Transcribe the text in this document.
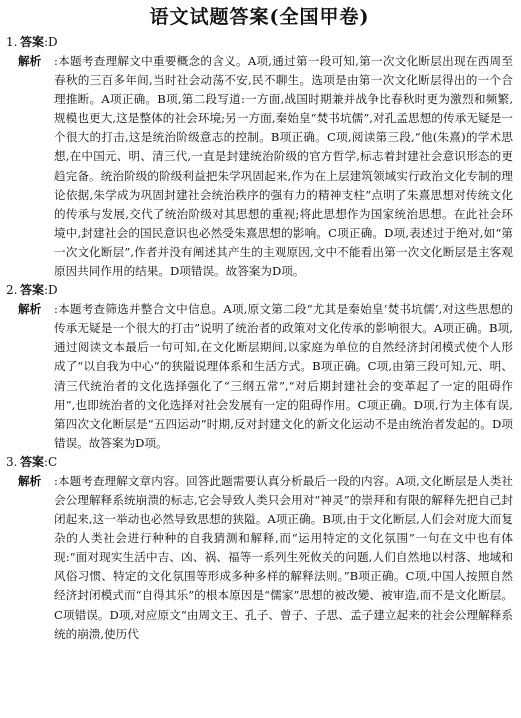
语文试题答案(全国甲卷)
1. 答案:D
解析	:本题考查理解文中重要概念的含义。A项,通过第一段可知,第一次文化断层出现在西周至春秋的三百多年间,当时社会动荡不安,民不聊生。选项是由第一次文化断层得出的一个合理推断。A项正确。B项,第二段写道:一方面,战国时期兼并战争比春秋时更为激烈和频繁,规模也更大,这是整体的社会环境;另一方面,秦始皇“焚书坑儒”,对孔孟思想的传承无疑是一个很大的打击,这是统治阶级意志的控制。B项正确。C项,阅读第三段,“他(朱熹)的学术思想,在中国元、明、清三代,一直是封建统治阶级的官方哲学,标志着封建社会意识形态的更趋完备。统治阶级的阶级利益把朱学巩固起来,作为在上层建筑领域实行政治文化专制的理论依据,朱学成为巩固封建社会统治秩序的强有力的精神支柱”点明了朱熹思想对传统文化的传承与发展,交代了统治阶级对其思想的重视;将此思想作为国家统治思想。在此社会环境中,封建社会的国民意识也必然受朱熹思想的影响。C项正确。D项,表述过于绝对,如“第一次文化断层”,作者并没有阐述其产生的主观原因,文中不能看出第一次文化断层是主客观原因共同作用的结果。D项错误。故答案为D项。

2. 答案:D
解析	:本题考查筛选并整合文中信息。A项,原文第二段“尤其是秦始皇‘焚书坑儒’,对这些思想的传承无疑是一个很大的打击”说明了统治者的政策对文化传承的影响很大。A项正确。B项,通过阅读文本最后一句可知,在文化断层期间,以家庭为单位的自然经济封闭模式使个人形成了“以自我为中心”的狭隘说理体系和生活方式。B项正确。C项,由第三段可知,元、明、清三代统治者的文化选择强化了“三纲五常”,“对后期封建社会的变革起了一定的阻碍作用”,也即统治者的文化选择对社会发展有一定的阻碍作用。C项正确。D项,行为主体有误,第四次文化断层是“五四运动”时期,反对封建文化的新文化运动不是由统治者发起的。D项错误。故答案为D项。

3. 答案:C
解析	:本题考查理解文章内容。回答此题需要认真分析最后一段的内容。A项,文化断层是人类社会公理解释系统崩溃的标志,它会导致人类只会用对“神灵”的崇拜和有限的解释先把自己封闭起来,这一举动也必然导致思想的狭隘。A项正确。B项,由于文化断层,人们会对庞大而复杂的人类社会进行种种的自我猜测和解释,而“运用特定的文化氛围”一句在文中也有体现:“面对现实生活中吉、凶、祸、福等一系列生死攸关的问题,人们自然地以村落、地域和风俗习惯、特定的文化氛围等形成多种多样的解释法则。”B项正确。C项,中国人按照自然经济封闭模式而“自得其乐”的根本原因是“儒家”思想的被改變、被审造,而不是文化断层。C项错误。D项,对应原文“由周文王、孔子、曾子、子思、孟子建立起来的社会公理解释系统的崩溃,使历代
